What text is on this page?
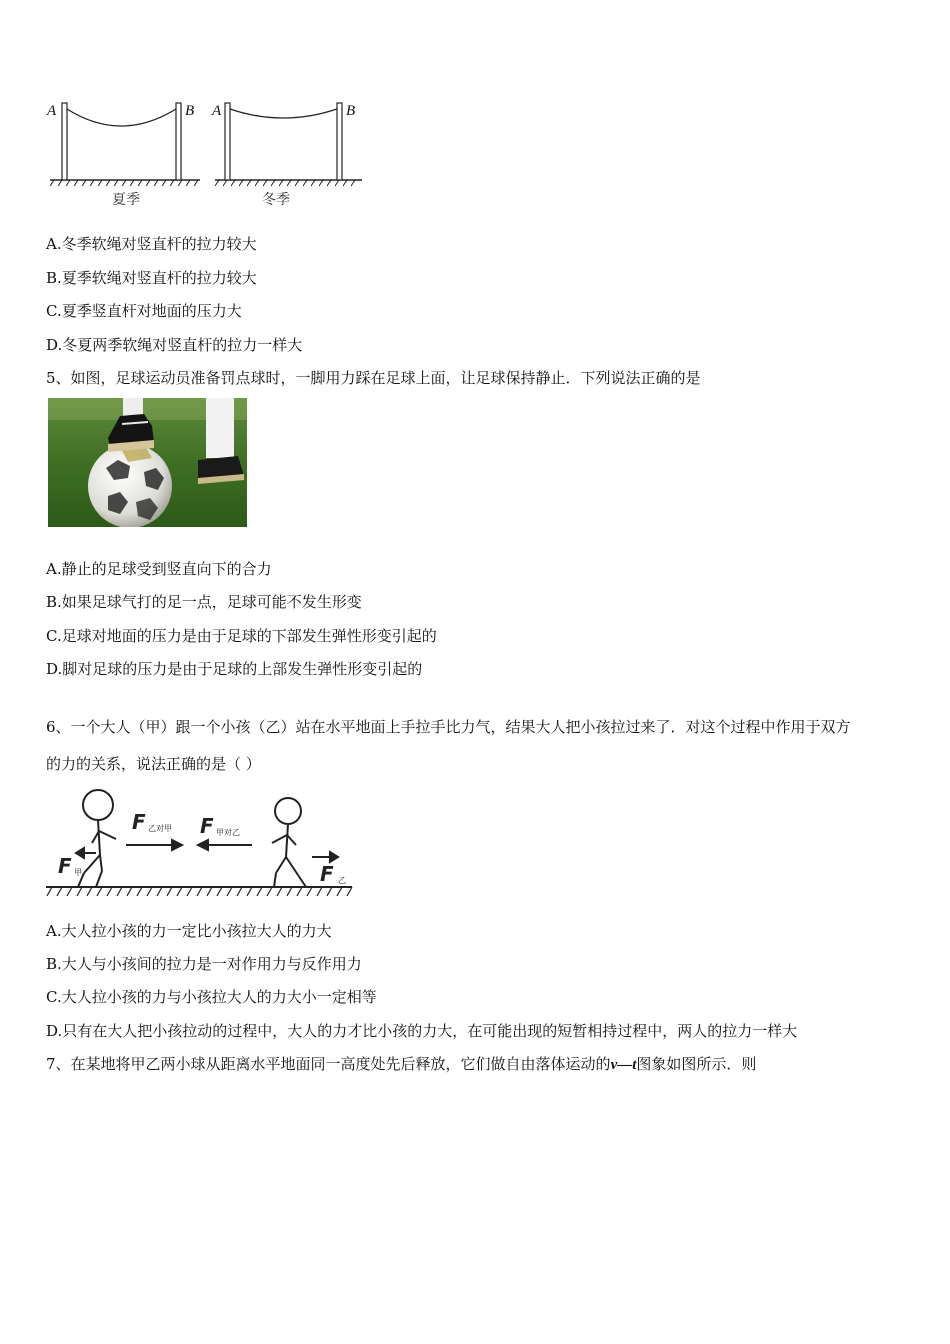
A	B
夏季
A	B
冬季
A.冬季软绳对竖直杆的拉力较大
B.夏季软绳对竖直杆的拉力较大
C.夏季竖直杆对地面的压力大
D.冬夏两季软绳对竖直杆的拉力一样大
5、如图，足球运动员准备罚点球时，一脚用力踩在足球上面，让足球保持静止．下列说法正确的是
A.静止的足球受到竖直向下的合力
B.如果足球气打的足一点，足球可能不发生形变
C.足球对地面的压力是由于足球的下部发生弹性形变引起的
D.脚对足球的压力是由于足球的上部发生弹性形变引起的
6、一个大人（甲）跟一个小孩（乙）站在水平地面上手拉手比力气，结果大人把小孩拉过来了．对这个过程中作用于双方
的力的关系，说法正确的是（ ）
F 乙对甲 F 甲对乙
F 甲	F 乙
A.大人拉小孩的力一定比小孩拉大人的力大
B.大人与小孩间的拉力是一对作用力与反作用力
C.大人拉小孩的力与小孩拉大人的力大小一定相等
D.只有在大人把小孩拉动的过程中，大人的力才比小孩的力大，在可能出现的短暂相持过程中，两人的拉力一样大
7、在某地将甲乙两小球从距离水平地面同一高度处先后释放，它们做自由落体运动的v—t图象如图所示．则
